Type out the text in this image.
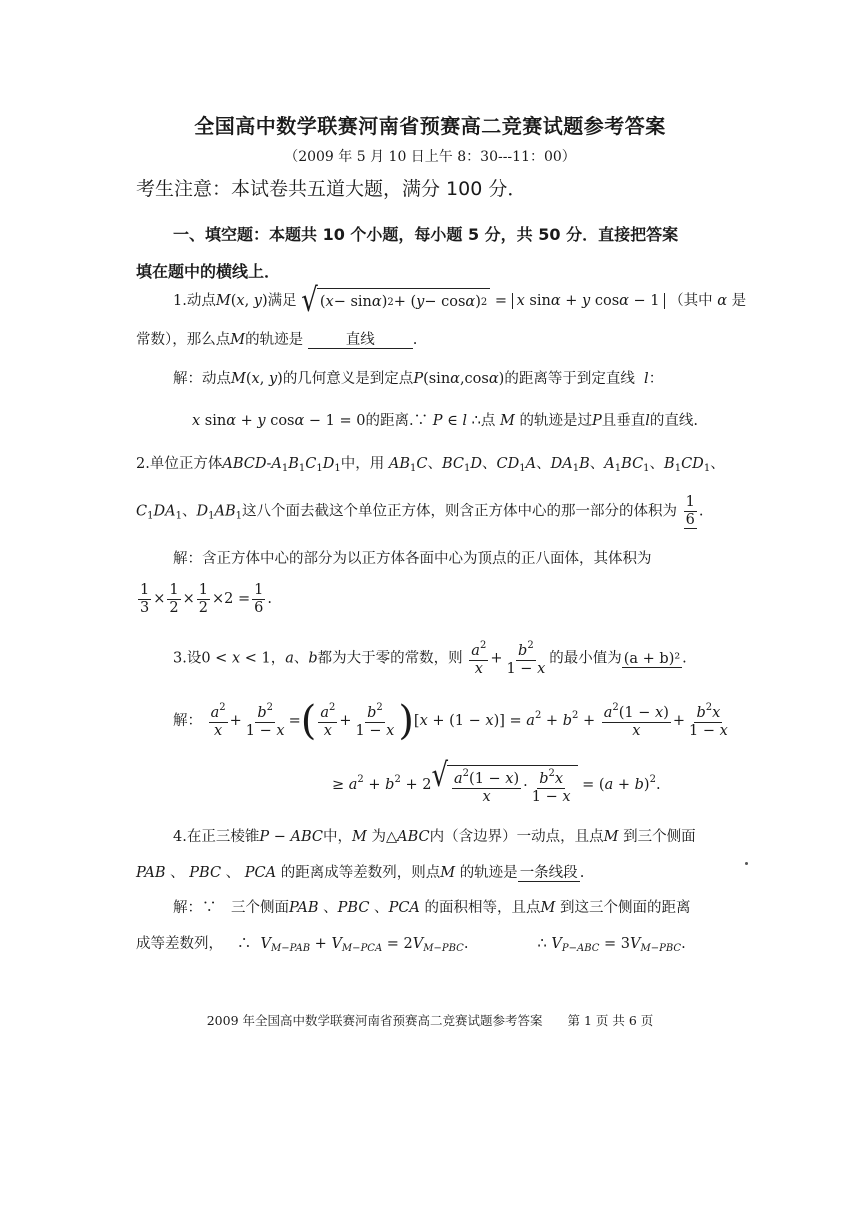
全国高中数学联赛河南省预赛高二竞赛试题参考答案
（2009 年 5 月 10 日上午 8：30---11：00）
考生注意：本试卷共五道大题，满分 100 分．
一、填空题：本题共 10 个小题，每小题 5 分，共 50 分．直接把答案
填在题中的横线上．
1.动点M(x, y)满足 √ ( x − sin α ) 2 + ( y − cos α ) 2 = x sinα + y cosα − 1 （其中 α 是
常数），那么点M的轨迹是	直线	.
解：动点M(x, y)的几何意义是到定点P(sinα,cosα)的距离等于到定直线 l：
x sinα + y cosα − 1 = 0的距离.∵ P ∈ l ∴点 M 的轨迹是过P且垂直l的直线.
2.单位正方体ABCD-$A_1B_1C_1D_1$中，用 $AB_1C$、$BC_1D$、$CD_1A$、$DA_1B$、$A_1BC_1$、$B_1CD_1$、
$C_1DA_1$、$D_1AB_1$这八个面去截这个单位正方体，则含正方体中心的那一部分的体积为 $\frac{1}{6}$ .
解：含正方体中心的部分为以正方体各面中心为顶点的正八面体，其体积为
$\frac{1}{3} \times \frac{1}{2} \times \frac{1}{2} \times 2 = \frac{1}{6}$ .
3.设0 < x < 1，a、b都为大于零的常数，则 $\frac{a^2}{x} + \frac{b^2}{1 - x}$ 的最小值为 (a + b)² .
解： $\frac{a^2}{x} + \frac{b^2}{1 - x}$ =( $\frac{a^2}{x} + \frac{b^2}{1 - x} )[x + (1 - x)] = a^2 + b^2 + \frac{a^2(1 - x)}{x} + \frac{b^2x}{1 - x}$
≥ $a^2 + b^2 + 2$ √ $\frac{a^2(1 - x)}{x} \cdot \frac{b^2x}{1 - x} = (a + b)^2$.
4.在正三棱锥P − ABC中，M 为△ABC内（含边界）一动点，且点M 到三个侧面
PAB 、 PBC 、 PCA 的距离成等差数列，则点M 的轨迹是 一条线段 .
解：∵　三个侧面PAB 、PBC 、PCA 的面积相等，且点M 到这三个侧面的距离
成等差数列，   ∴  $V_{M-PAB} + V_{M-PCA} = 2V_{M-PBC}$.               ∴ $V_{P-ABC} = 3V_{M-PBC}$.
2009 年全国高中数学联赛河南省预赛高二竞赛试题参考答案　　第 1 页 共 6 页
